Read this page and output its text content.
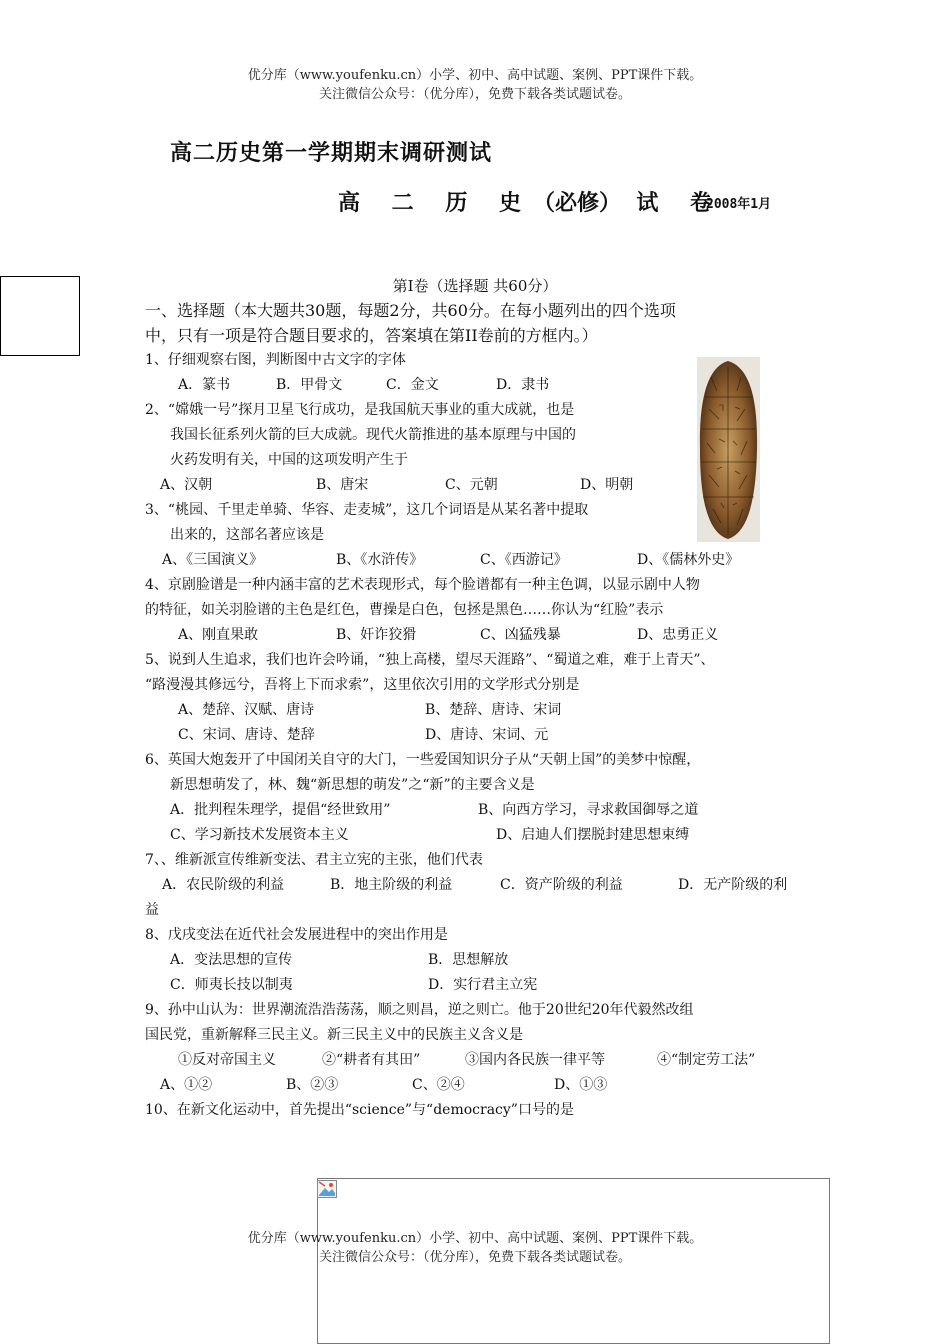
优分库（www.youfenku.cn）小学、初中、高中试题、案例、PPT课件下载。
关注微信公众号：（优分库），免费下载各类试题试卷。
高二历史第一学期期末调研测试
高 二 历 史（必修） 试 卷
2008年1月
第Ⅰ卷（选择题 共60分）
一、选择题（本大题共30题，每题2分，共60分。在每小题列出的四个选项
中，只有一项是符合题目要求的，答案填在第II卷前的方框内。）
1、仔细观察右图，判断图中古文字的字体
A．篆书	B．甲骨文	C．金文	D．隶书
2、“嫦娥一号”探月卫星飞行成功，是我国航天事业的重大成就，也是
我国长征系列火箭的巨大成就。现代火箭推进的基本原理与中国的
火药发明有关，中国的这项发明产生于
A、汉朝	B、唐宋	C、元朝	D、明朝
3、“桃园、千里走单骑、华容、走麦城”，这几个词语是从某名著中提取
出来的，这部名著应该是
A、《三国演义》	B、《水浒传》	C、《西游记》	D、《儒林外史》
4、京剧脸谱是一种内涵丰富的艺术表现形式，每个脸谱都有一种主色调，以显示剧中人物
的特征，如关羽脸谱的主色是红色，曹操是白色，包拯是黑色……你认为“红脸”表示
A、刚直果敢	B、奸诈狡猾	C、凶猛残暴	D、忠勇正义
5、说到人生追求，我们也许会吟诵，“独上高楼，望尽天涯路”、“蜀道之难，难于上青天”、
“路漫漫其修远兮，吾将上下而求索”，这里依次引用的文学形式分别是
A、楚辞、汉赋、唐诗	B、楚辞、唐诗、宋词
C、宋词、唐诗、楚辞	D、唐诗、宋词、元
6、英国大炮轰开了中国闭关自守的大门，一些爱国知识分子从“天朝上国”的美梦中惊醒，
新思想萌发了，林、魏“新思想的萌发”之“新”的主要含义是
A．批判程朱理学，提倡“经世致用”	B、向西方学习，寻求救国御辱之道
C、学习新技术发展资本主义	D、启迪人们摆脱封建思想束缚
7、、维新派宣传维新变法、君主立宪的主张，他们代表
A．农民阶级的利益	B．地主阶级的利益	C．资产阶级的利益	D．无产阶级的利
益
8、戊戌变法在近代社会发展进程中的突出作用是
A．变法思想的宣传	B．思想解放
C．师夷长技以制夷	D．实行君主立宪
9、孙中山认为：世界潮流浩浩荡荡，顺之则昌，逆之则亡。他于20世纪20年代毅然改组
国民党，重新解释三民主义。新三民主义中的民族主义含义是
①反对帝国主义	②“耕者有其田”	③国内各民族一律平等	④“制定劳工法”
A、①②	B、②③	C、②④	D、①③
10、在新文化运动中，首先提出“science”与“democracy”口号的是
优分库（www.youfenku.cn）小学、初中、高中试题、案例、PPT课件下载。
关注微信公众号：（优分库），免费下载各类试题试卷。
